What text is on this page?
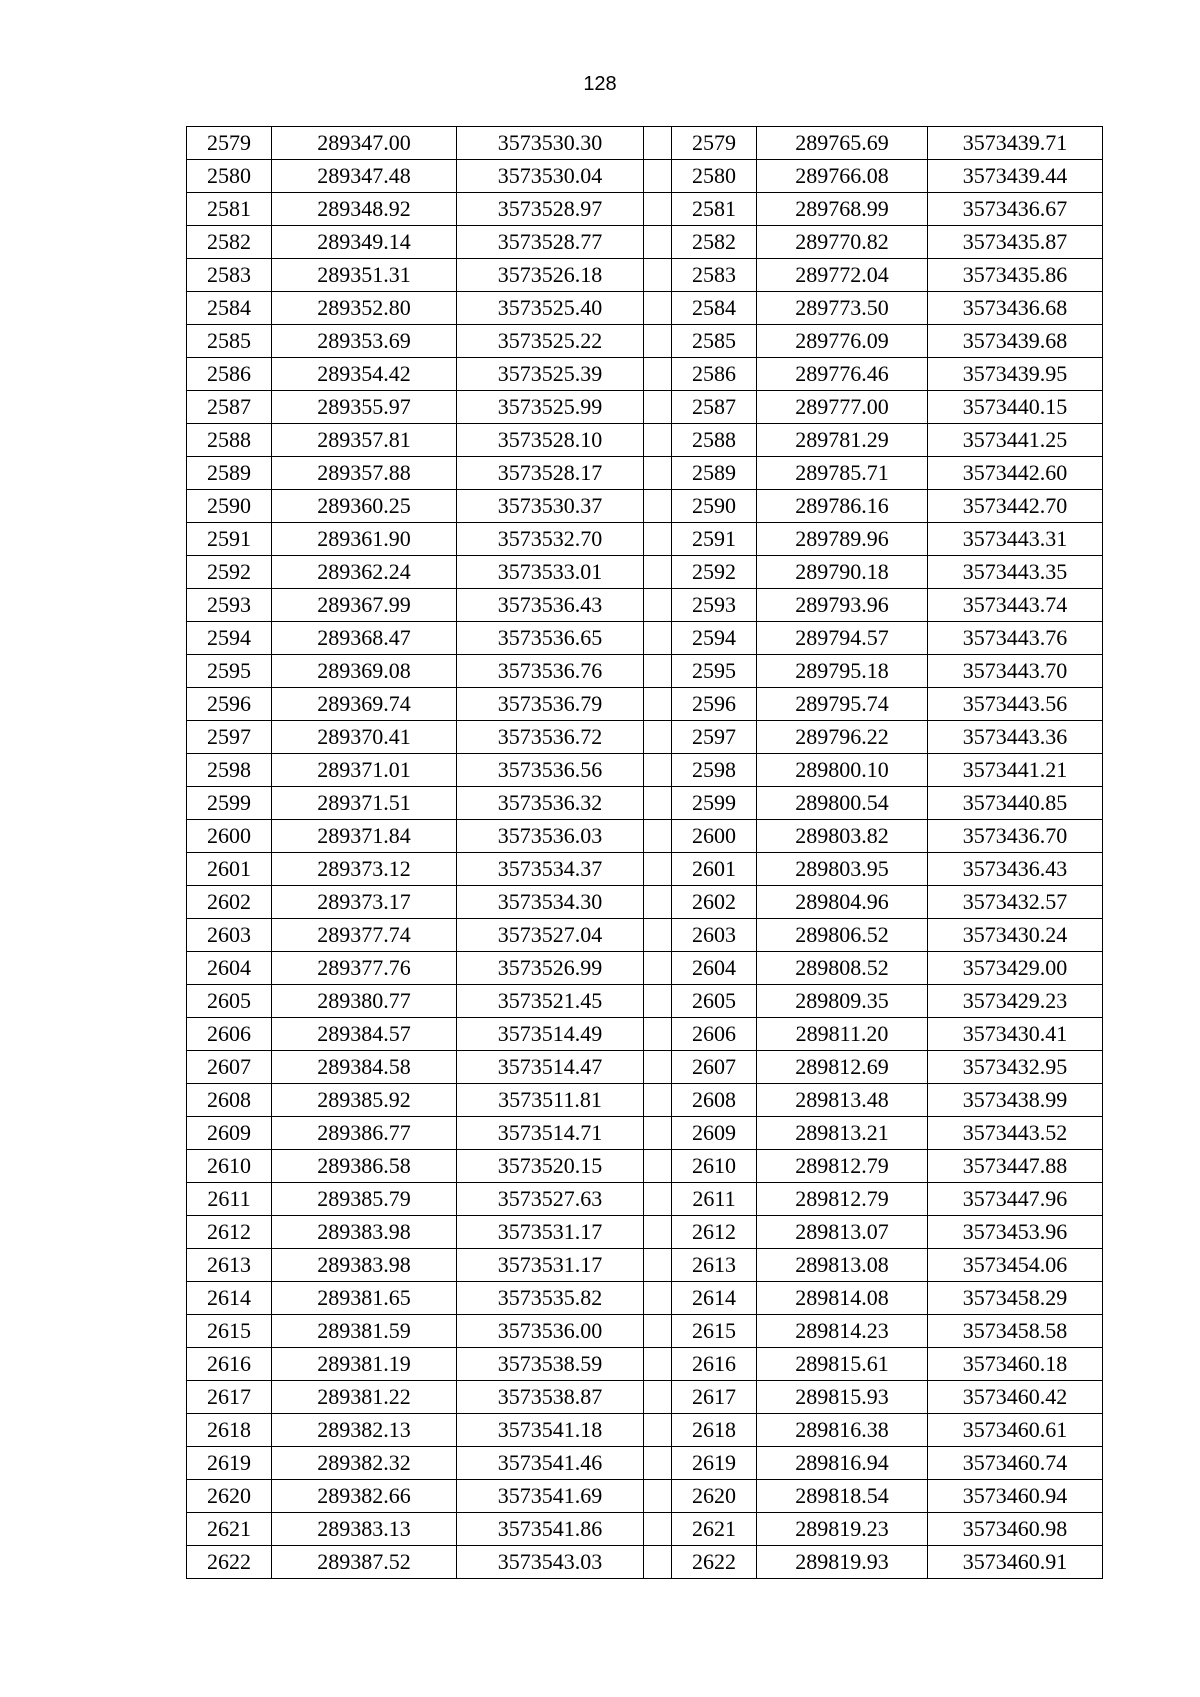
128
2579	289347.00	3573530.30		2579	289765.69	3573439.71
2580	289347.48	3573530.04		2580	289766.08	3573439.44
2581	289348.92	3573528.97		2581	289768.99	3573436.67
2582	289349.14	3573528.77		2582	289770.82	3573435.87
2583	289351.31	3573526.18		2583	289772.04	3573435.86
2584	289352.80	3573525.40		2584	289773.50	3573436.68
2585	289353.69	3573525.22		2585	289776.09	3573439.68
2586	289354.42	3573525.39		2586	289776.46	3573439.95
2587	289355.97	3573525.99		2587	289777.00	3573440.15
2588	289357.81	3573528.10		2588	289781.29	3573441.25
2589	289357.88	3573528.17		2589	289785.71	3573442.60
2590	289360.25	3573530.37		2590	289786.16	3573442.70
2591	289361.90	3573532.70		2591	289789.96	3573443.31
2592	289362.24	3573533.01		2592	289790.18	3573443.35
2593	289367.99	3573536.43		2593	289793.96	3573443.74
2594	289368.47	3573536.65		2594	289794.57	3573443.76
2595	289369.08	3573536.76		2595	289795.18	3573443.70
2596	289369.74	3573536.79		2596	289795.74	3573443.56
2597	289370.41	3573536.72		2597	289796.22	3573443.36
2598	289371.01	3573536.56		2598	289800.10	3573441.21
2599	289371.51	3573536.32		2599	289800.54	3573440.85
2600	289371.84	3573536.03		2600	289803.82	3573436.70
2601	289373.12	3573534.37		2601	289803.95	3573436.43
2602	289373.17	3573534.30		2602	289804.96	3573432.57
2603	289377.74	3573527.04		2603	289806.52	3573430.24
2604	289377.76	3573526.99		2604	289808.52	3573429.00
2605	289380.77	3573521.45		2605	289809.35	3573429.23
2606	289384.57	3573514.49		2606	289811.20	3573430.41
2607	289384.58	3573514.47		2607	289812.69	3573432.95
2608	289385.92	3573511.81		2608	289813.48	3573438.99
2609	289386.77	3573514.71		2609	289813.21	3573443.52
2610	289386.58	3573520.15		2610	289812.79	3573447.88
2611	289385.79	3573527.63		2611	289812.79	3573447.96
2612	289383.98	3573531.17		2612	289813.07	3573453.96
2613	289383.98	3573531.17		2613	289813.08	3573454.06
2614	289381.65	3573535.82		2614	289814.08	3573458.29
2615	289381.59	3573536.00		2615	289814.23	3573458.58
2616	289381.19	3573538.59		2616	289815.61	3573460.18
2617	289381.22	3573538.87		2617	289815.93	3573460.42
2618	289382.13	3573541.18		2618	289816.38	3573460.61
2619	289382.32	3573541.46		2619	289816.94	3573460.74
2620	289382.66	3573541.69		2620	289818.54	3573460.94
2621	289383.13	3573541.86		2621	289819.23	3573460.98
2622	289387.52	3573543.03		2622	289819.93	3573460.91
